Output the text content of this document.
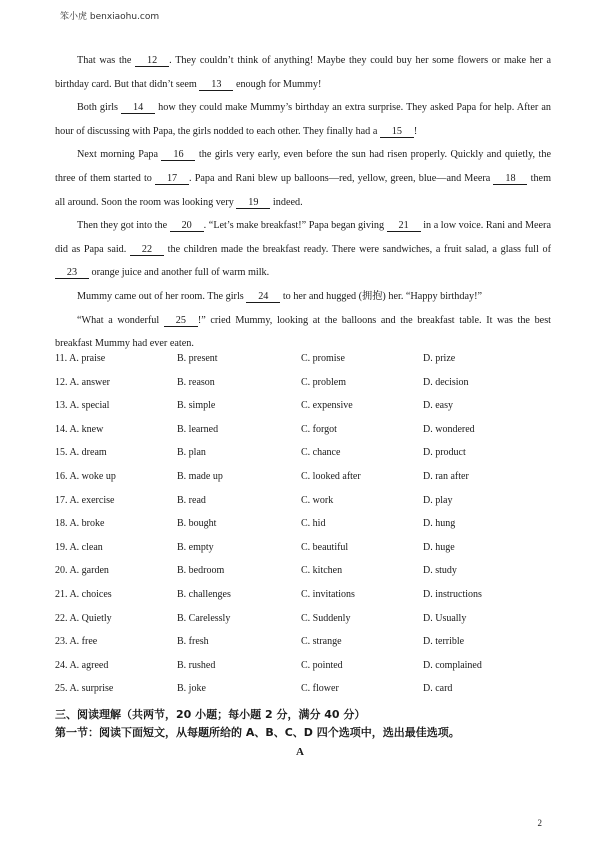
笨小虎 benxiaohu.com

That was the   12  . They couldn’t think of anything! Maybe they could buy her some flowers or make her a birthday card. But that didn’t seem   13   enough for Mummy!

Both girls   14   how they could make Mummy’s birthday an extra surprise. They asked Papa for help. After an hour of discussing with Papa, the girls nodded to each other. They finally had a   15  !

Next morning Papa   16   the girls very early, even before the sun had risen properly. Quickly and quietly, the three of them started to   17  . Papa and Rani blew up balloons—red, yellow, green, blue—and Meera   18   them all around. Soon the room was looking very   19   indeed.

Then they got into the   20  . “Let’s make breakfast!” Papa began giving   21   in a low voice. Rani and Meera did as Papa said.   22   the children made the breakfast ready. There were sandwiches, a fruit salad, a glass full of   23   orange juice and another full of warm milk.

Mummy came out of her room. The girls   24   to her and hugged (拥抱) her. “Happy birthday!”

“What a wonderful   25  !” cried Mummy, looking at the balloons and the breakfast table. It was the best breakfast Mummy had ever eaten.

11. A. praise	B. present	C. promise	D. prize
12. A. answer	B. reason	C. problem	D. decision
13. A. special	B. simple	C. expensive	D. easy
14. A. knew	B. learned	C. forgot	D. wondered
15. A. dream	B. plan	C. chance	D. product
16. A. woke up	B. made up	C. looked after	D. ran after
17. A. exercise	B. read	C. work	D. play
18. A. broke	B. bought	C. hid	D. hung
19. A. clean	B. empty	C. beautiful	D. huge
20. A. garden	B. bedroom	C. kitchen	D. study
21. A. choices	B. challenges	C. invitations	D. instructions
22. A. Quietly	B. Carelessly	C. Suddenly	D. Usually
23. A. free	B. fresh	C. strange	D. terrible
24. A. agreed	B. rushed	C. pointed	D. complained
25. A. surprise	B. joke	C. flower	D. card
三、阅读理解（共两节，20 小题；每小题 2 分，满分 40 分）
第一节：阅读下面短文，从每题所给的 A、B、C、D 四个选项中，选出最佳选项。
A
2
